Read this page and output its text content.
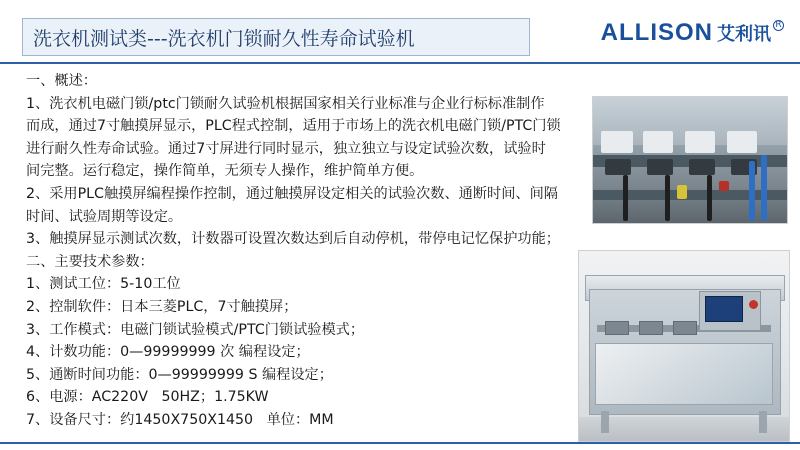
洗衣机测试类---洗衣机门锁耐久性寿命试验机	ALLISON 艾利讯 R
一、概述：
1、洗衣机电磁门锁/ptc门锁耐久试验机根据国家相关行业标准与企业行标标准制作
而成，通过7寸触摸屏显示，PLC程式控制，适用于市场上的洗衣机电磁门锁/PTC门锁
进行耐久性寿命试验。通过7寸屏进行同时显示，独立独立与设定试验次数，试验时
间完整。运行稳定，操作简单，无须专人操作，维护简单方便。
2、采用PLC触摸屏编程操作控制，通过触摸屏设定相关的试验次数、通断时间、间隔
时间、试验周期等设定。
3、触摸屏显示测试次数，计数器可设置次数达到后自动停机，带停电记忆保护功能；
二、主要技术参数：
1、测试工位：5-10工位
2、控制软件：日本三菱PLC，7寸触摸屏；
3、工作模式：电磁门锁试验模式/PTC门锁试验模式；
4、计数功能：0—99999999 次 编程设定；
5、通断时间功能：0—99999999 S 编程设定；
6、电源：AC220V   50HZ；1.75KW
7、设备尺寸：约1450X750X1450   单位：MM
